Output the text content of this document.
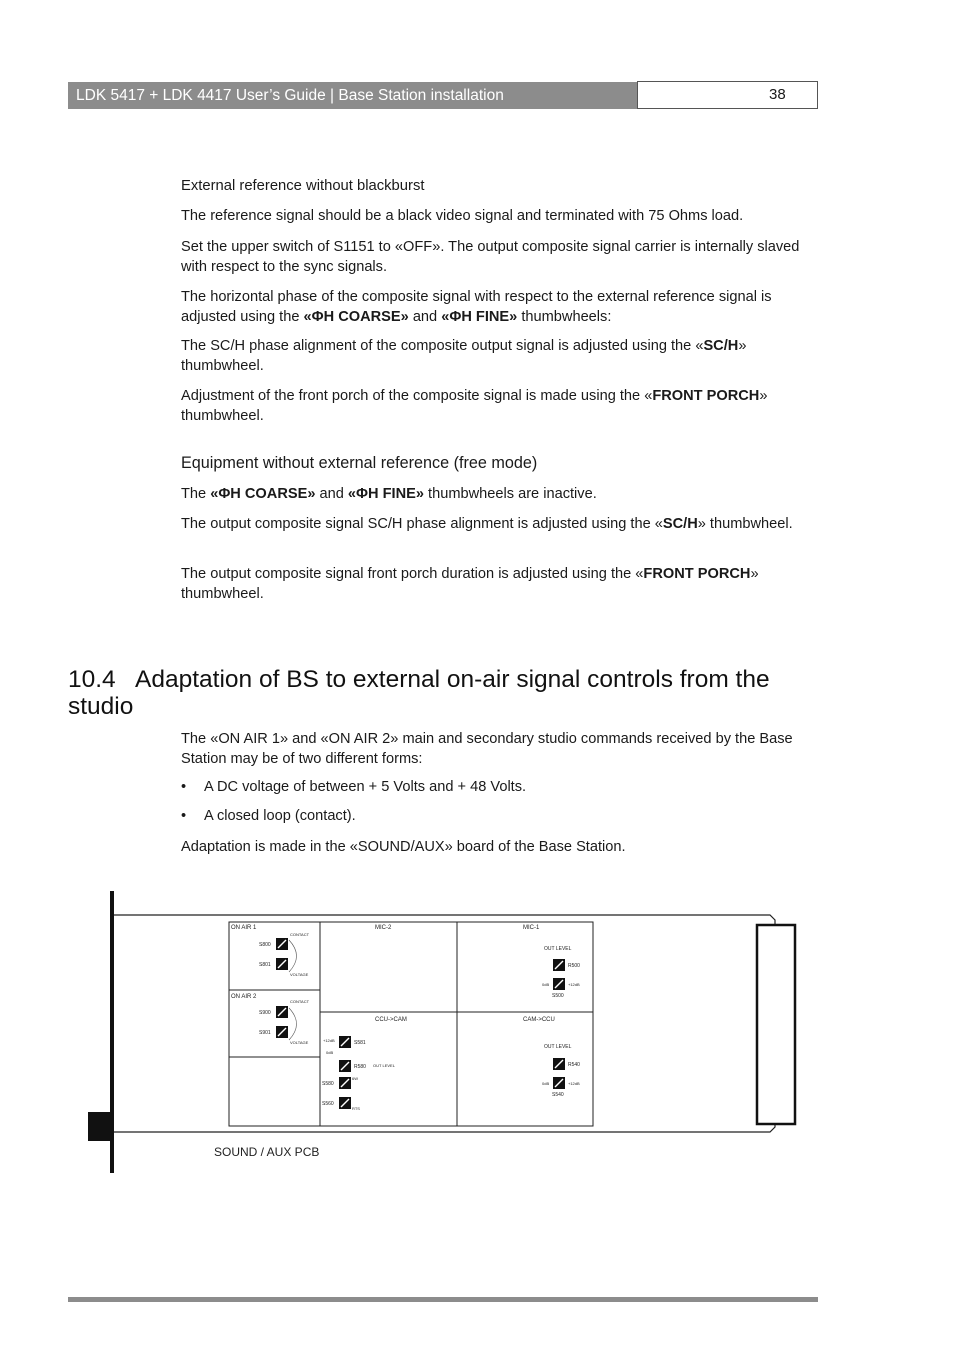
LDK 5417 + LDK 4417 User’s Guide | Base Station installation	38

External reference without blackburst

The reference signal should be a black video signal and terminated with 75 Ohms load.

Set the upper switch of S1151 to «OFF». The output composite signal carrier is internally slaved with respect to the sync signals.

The horizontal phase of the composite signal with respect to the external reference signal is adjusted using the «ΦH COARSE» and «ΦH FINE» thumbwheels:

The SC/H phase alignment of the composite output signal is adjusted using the «SC/H» thumbwheel.

Adjustment of the front porch of the composite signal is made using the «FRONT PORCH» thumbwheel.

Equipment without external reference (free mode)

The «ΦH COARSE» and «ΦH FINE» thumbwheels are inactive.

The output composite signal SC/H phase alignment is adjusted using the «SC/H» thumbwheel.

The output composite signal front porch duration is adjusted using the «FRONT PORCH» thumbwheel.

10.4 Adaptation of BS to external on-air signal controls from the studio

The «ON AIR 1» and «ON AIR 2» main and secondary studio commands received by the Base Station may be of two different forms:

• A DC voltage of between + 5 Volts and + 48 Volts.
• A closed loop (contact).

Adaptation is made in the «SOUND/AUX» board of the Base Station.

ON AIR 1
CONTACT
S800
S801
VOLTAGE
ON AIR 2
CONTACT
S900
S901
VOLTAGE
MIC-2	MIC-1
OUT LEVEL
R500
0dB	+12dB
S500
CCU->CAM
+12dB
0dB
S581
R580 OUT LEVEL
S580
6W
S560
RTS
CAM->CCU
OUT LEVEL
R540
0dB	+12dB
S540
SOUND / AUX PCB
